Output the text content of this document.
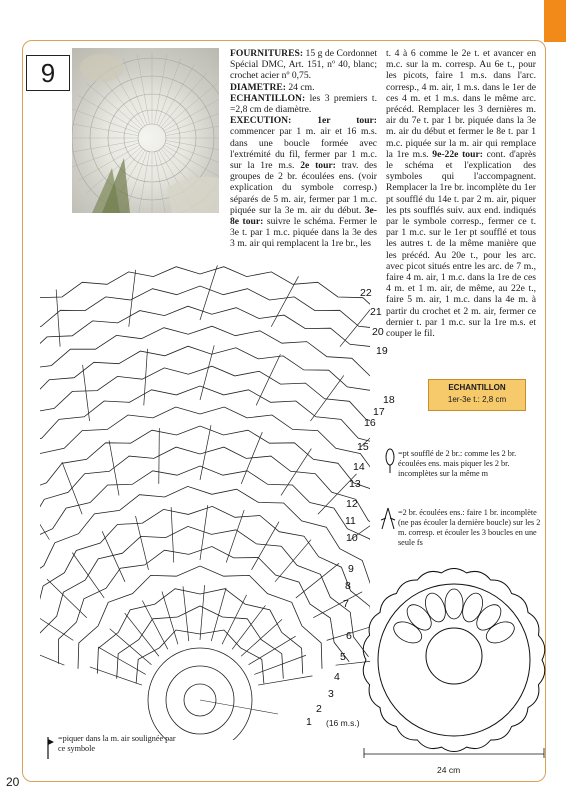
9

FOURNITURES: 15 g de Cordonnet Spécial DMC, Art. 151, nº 40, blanc; crochet acier nº 0,75.

DIAMETRE: 24 cm.

ECHANTILLON: les 3 premiers t. =2,8 cm de diamètre.

EXECUTION: 1er tour: commencer par 1 m. air et 16 m.s. dans une boucle formée avec l'extrémité du fil, fermer par 1 m.c. sur la 1re m.s. 2e tour: trav. des groupes de 2 br. écoulées ens. (voir explication du symbole corresp.) séparés de 5 m. air, fermer par 1 m.c. piquée sur la 3e m. air du début. 3e-8e tour: suivre le schéma. Fermer le 3e t. par 1 m.c. piquée dans la 3e des 3 m. air qui remplacent la 1re br., les

t. 4 à 6 comme le 2e t. et avancer en m.c. sur la m. corresp. Au 6e t., pour les picots, faire 1 m.s. dans l'arc. corresp., 4 m. air, 1 m.s. dans le 1er de ces 4 m. et 1 m.s. dans le même arc. précéd. Remplacer les 3 dernières m. air du 7e t. par 1 br. piquée dans la 3e m. air du début et fermer le 8e t. par 1 m.c. piquée sur la m. air qui remplace la 1re m.s. 9e-22e tour: cont. d'après le schéma et l'explication des symboles qui l'accompagnent. Remplacer la 1re br. incomplète du 1er pt soufflé du 14e t. par 2 m. air, piquer les pts soufflés suiv. aux end. indiqués par le symbole corresp., fermer ce t. par 1 m.c. sur le 1er pt soufflé et tous les autres t. de la même manière que les précéd. Au 20e t., pour les arc. avec picot situés entre les arc. de 7 m., faire 4 m. air, 1 m.c. dans la 1re de ces 4 m. et 1 m. air, de même, au 22e t., faire 5 m. air, 1 m.c. dans la 4e m. à partir du crochet et 2 m. air, fermer ce dernier t. par 1 m.c. sur la 1re m.s. et couper le fil.

ECHANTILLON
1er-3e t.: 2,8 cm
=pt soufflé de 2 br.: comme les 2 br. écoulées ens. mais piquer les 2 br. incomplètes sur la même m
=2 br. écoulées ens.: faire 1 br. incomplète (ne pas écouler la dernière boucle) sur les 2 m. corresp. et écouler les 3 boucles en une seule fs
=piquer dans la m. air soulignée par ce symbole
22
21
20
19
18
17
16
15
14
13
12
11
10
9
8
7
6
5
4
3
2
1 (16 m.s.)
24 cm
20
